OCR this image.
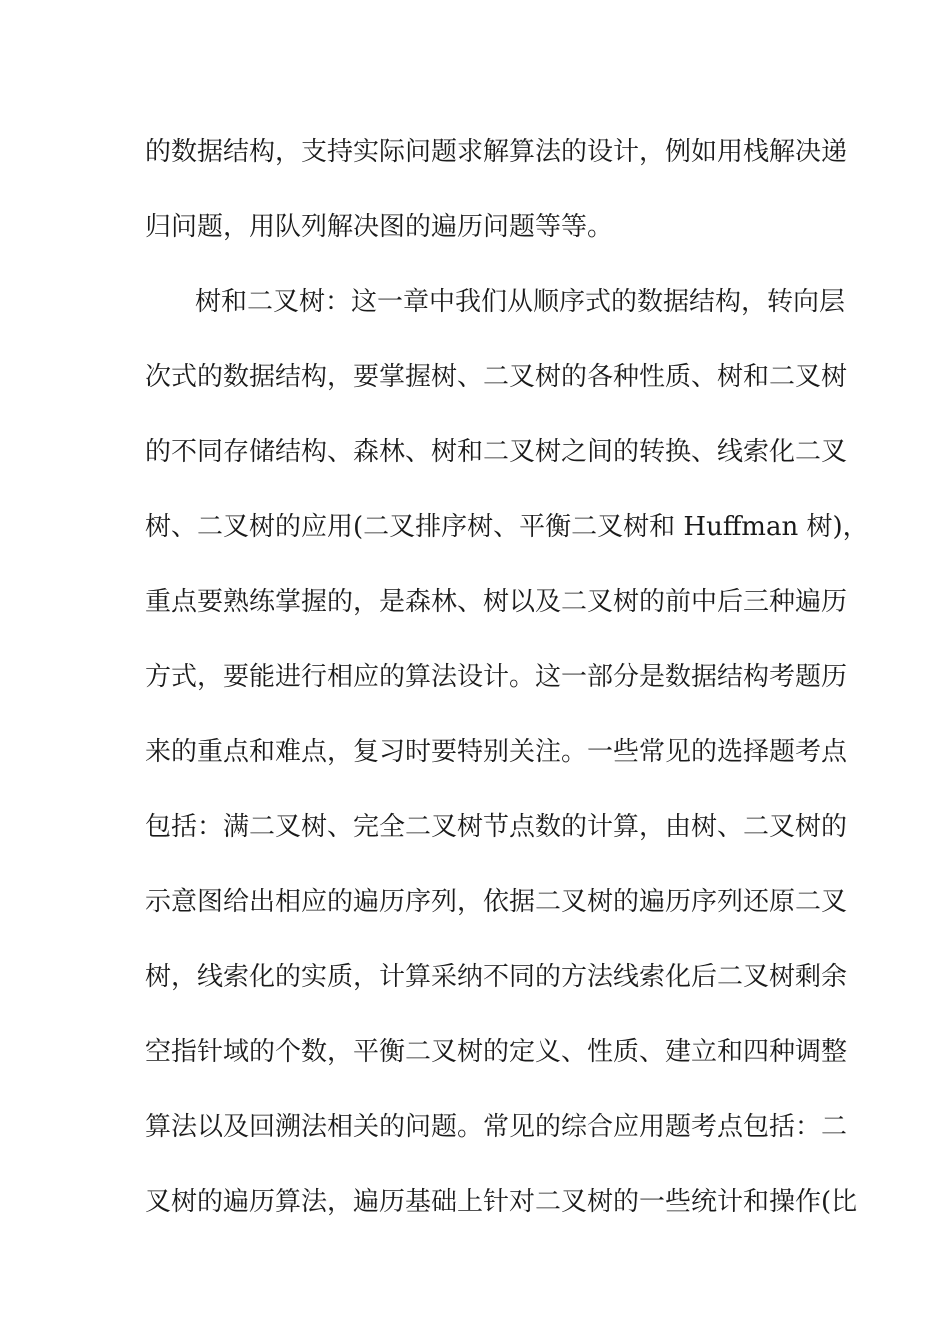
的数据结构，支持实际问题求解算法的设计，例如用栈解决递
归问题，用队列解决图的遍历问题等等。
树和二叉树：这一章中我们从顺序式的数据结构，转向层
次式的数据结构，要掌握树、二叉树的各种性质、树和二叉树
的不同存储结构、森林、树和二叉树之间的转换、线索化二叉
树、二叉树的应用(二叉排序树、平衡二叉树和 Huffman 树)，
重点要熟练掌握的，是森林、树以及二叉树的前中后三种遍历
方式，要能进行相应的算法设计。这一部分是数据结构考题历
来的重点和难点，复习时要特别关注。一些常见的选择题考点
包括：满二叉树、完全二叉树节点数的计算，由树、二叉树的
示意图给出相应的遍历序列，依据二叉树的遍历序列还原二叉
树，线索化的实质，计算采纳不同的方法线索化后二叉树剩余
空指针域的个数，平衡二叉树的定义、性质、建立和四种调整
算法以及回溯法相关的问题。常见的综合应用题考点包括：二
叉树的遍历算法，遍历基础上针对二叉树的一些统计和操作(比
